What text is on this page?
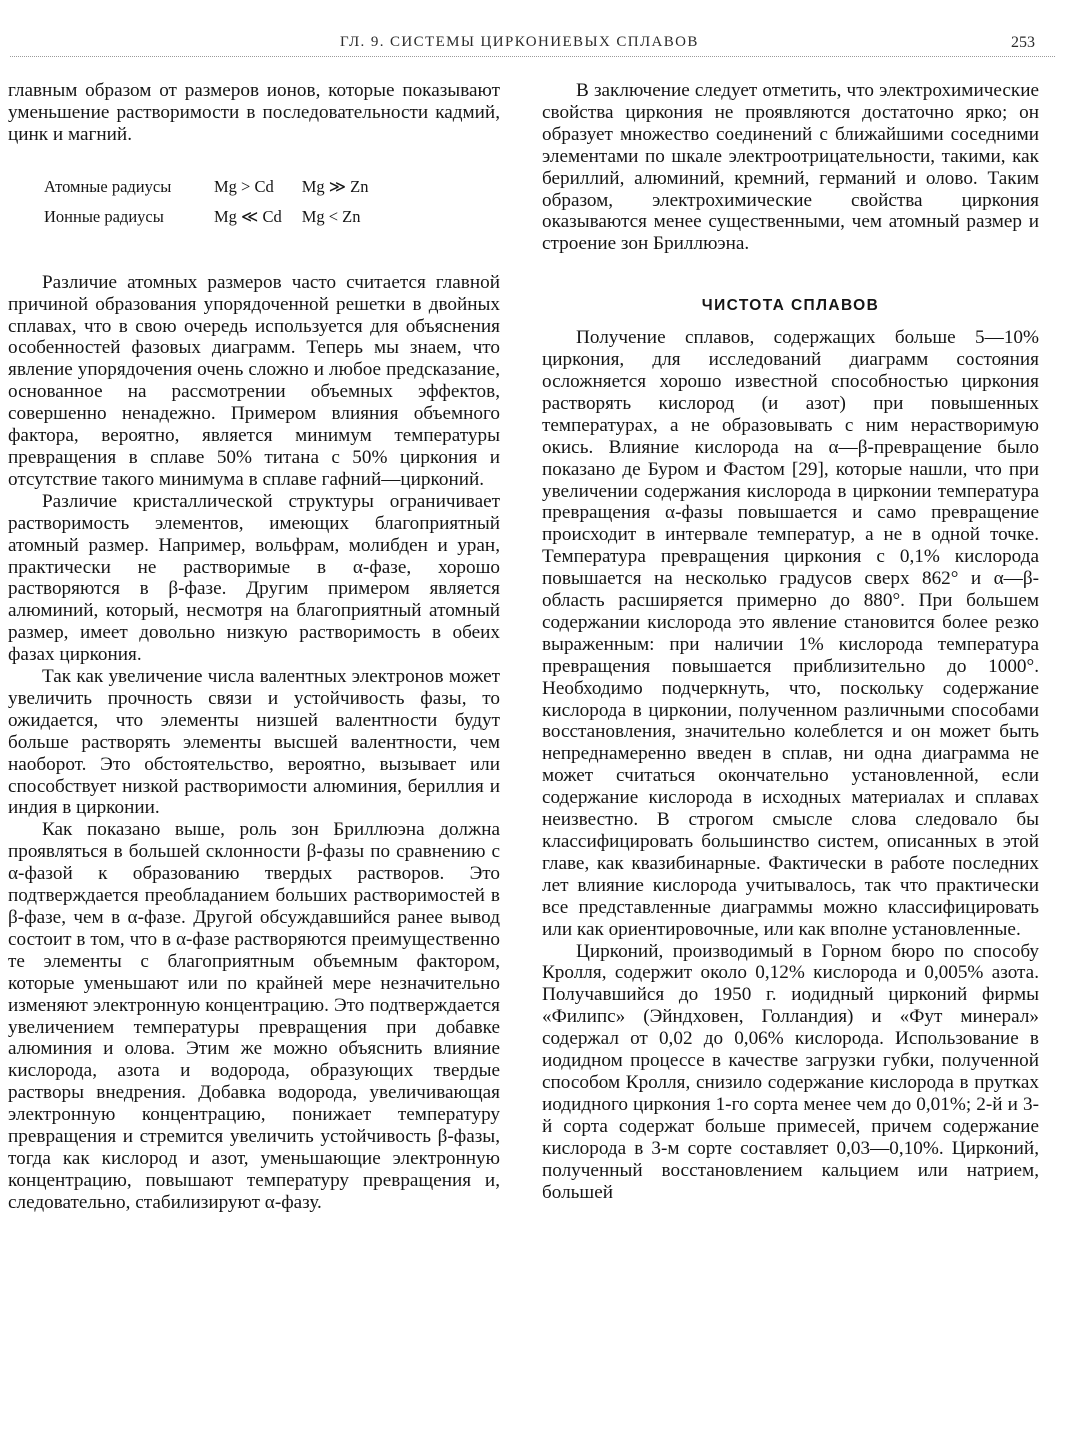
ГЛ. 9. СИСТЕМЫ ЦИРКОНИЕВЫХ СПЛАВОВ	253

главным образом от размеров ионов, которые показывают уменьшение растворимости в последовательности кадмий, цинк и магний.

Атомные радиусы	Mg > Cd	Mg ≫ Zn
Ионные радиусы	Mg ≪ Cd	Mg < Zn

Различие атомных размеров часто считается главной причиной образования упорядоченной решетки в двойных сплавах, что в свою очередь используется для объяснения особенностей фазовых диаграмм. Теперь мы знаем, что явление упорядочения очень сложно и любое предсказание, основанное на рассмотрении объемных эффектов, совершенно ненадежно. Примером влияния объемного фактора, вероятно, является минимум температуры превращения в сплаве 50% титана с 50% циркония и отсутствие такого минимума в сплаве гафний—цирконий.

Различие кристаллической структуры ограничивает растворимость элементов, имеющих благоприятный атомный размер. Например, вольфрам, молибден и уран, практически не растворимые в α-фазе, хорошо растворяются в β-фазе. Другим примером является алюминий, который, несмотря на благоприятный атомный размер, имеет довольно низкую растворимость в обеих фазах циркония.

Так как увеличение числа валентных электронов может увеличить прочность связи и устойчивость фазы, то ожидается, что элементы низшей валентности будут больше растворять элементы высшей валентности, чем наоборот. Это обстоятельство, вероятно, вызывает или способствует низкой растворимости алюминия, бериллия и индия в цирконии.

Как показано выше, роль зон Бриллюэна должна проявляться в большей склонности β-фазы по сравнению с α-фазой к образованию твердых растворов. Это подтверждается преобладанием больших растворимостей в β-фазе, чем в α-фазе. Другой обсуждавшийся ранее вывод состоит в том, что в α-фазе растворяются преимущественно те элементы с благоприятным объемным фактором, которые уменьшают или по крайней мере незначительно изменяют электронную концентрацию. Это подтверждается увеличением температуры превращения при добавке алюминия и олова. Этим же можно объяснить влияние кислорода, азота и водорода, образующих твердые растворы внедрения. Добавка водорода, увеличивающая электронную концентрацию, понижает температуру превращения и стремится увеличить устойчивость β-фазы, тогда как кислород и азот, уменьшающие электронную концентрацию, повышают температуру превращения и, следовательно, стабилизируют α-фазу.

В заключение следует отметить, что электрохимические свойства циркония не проявляются достаточно ярко; он образует множество соединений с ближайшими соседними элементами по шкале электроотрицательности, такими, как бериллий, алюминий, кремний, германий и олово. Таким образом, электрохимические свойства циркония оказываются менее существенными, чем атомный размер и строение зон Бриллюэна.

ЧИСТОТА СПЛАВОВ

Получение сплавов, содержащих больше 5—10% циркония, для исследований диаграмм состояния осложняется хорошо известной способностью циркония растворять кислород (и азот) при повышенных температурах, а не образовывать с ним нерастворимую окись. Влияние кислорода на α—β-превращение было показано де Буром и Фастом [29], которые нашли, что при увеличении содержания кислорода в цирконии температура превращения α-фазы повышается и само превращение происходит в интервале температур, а не в одной точке. Температура превращения циркония с 0,1% кислорода повышается на несколько градусов сверх 862° и α—β-область расширяется примерно до 880°. При большем содержании кислорода это явление становится более резко выраженным: при наличии 1% кислорода температура превращения повышается приблизительно до 1000°. Необходимо подчеркнуть, что, поскольку содержание кислорода в цирконии, полученном различными способами восстановления, значительно колеблется и он может быть непреднамеренно введен в сплав, ни одна диаграмма не может считаться окончательно установленной, если содержание кислорода в исходных материалах и сплавах неизвестно. В строгом смысле слова следовало бы классифицировать большинство систем, описанных в этой главе, как квазибинарные. Фактически в работе последних лет влияние кислорода учитывалось, так что практически все представленные диаграммы можно классифицировать или как ориентировочные, или как вполне установленные.

Цирконий, производимый в Горном бюро по способу Кролля, содержит около 0,12% кислорода и 0,005% азота. Получавшийся до 1950 г. иодидный цирконий фирмы «Филипс» (Эйндховен, Голландия) и «Фут минерал» содержал от 0,02 до 0,06% кислорода. Использование в иодидном процессе в качестве загрузки губки, полученной способом Кролля, снизило содержание кислорода в прутках иодидного циркония 1-го сорта менее чем до 0,01%; 2-й и 3-й сорта содержат больше примесей, причем содержание кислорода в 3-м сорте составляет 0,03—0,10%. Цирконий, полученный восстановлением кальцием или натрием, большей
